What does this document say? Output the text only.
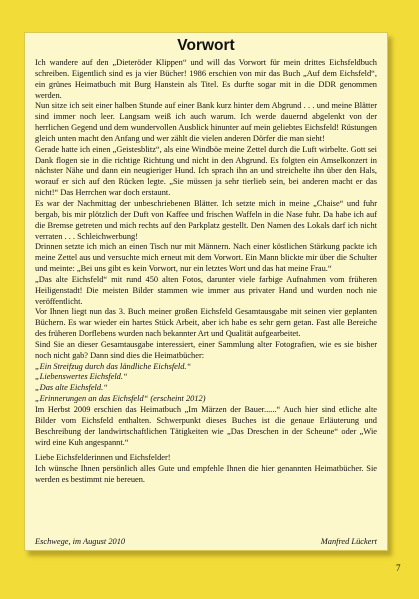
Vorwort

Ich wandere auf den „Dieteröder Klippen“ und will das Vorwort für mein drittes Eichsfeldbuch schreiben. Eigentlich sind es ja vier Bücher! 1986 erschien von mir das Buch „Auf dem Eichsfeld“, ein grünes Heimatbuch mit Burg Hanstein als Titel. Es durfte sogar mit in die DDR genommen werden.

Nun sitze ich seit einer halben Stunde auf einer Bank kurz hinter dem Abgrund . . . und meine Blätter sind immer noch leer. Langsam weiß ich auch warum. Ich werde dauernd abgelenkt von der herrlichen Gegend und dem wundervollen Ausblick hinunter auf mein geliebtes Eichsfeld! Rüstungen gleich unten macht den Anfang und wer zählt die vielen anderen Dörfer die man sieht!

Gerade hatte ich einen „Geistesblitz“, als eine Windböe meine Zettel durch die Luft wirbelte. Gott sei Dank flogen sie in die richtige Richtung und nicht in den Abgrund. Es folgten ein Amselkonzert in nächster Nähe und dann ein neugieriger Hund. Ich sprach ihn an und streichelte ihn über den Hals, worauf er sich auf den Rücken legte. „Sie müssen ja sehr tierlieb sein, bei anderen macht er das nicht!“ Das Herrchen war doch erstaunt.

Es war der Nachmittag der unbeschriebenen Blätter. Ich setzte mich in meine „Chaise“ und fuhr bergab, bis mir plötzlich der Duft von Kaffee und frischen Waffeln in die Nase fuhr. Da habe ich auf die Bremse getreten und mich rechts auf den Parkplatz gestellt. Den Namen des Lokals darf ich nicht verraten . . . Schleichwerbung!

Drinnen setzte ich mich an einen Tisch nur mit Männern. Nach einer köstlichen Stärkung packte ich meine Zettel aus und versuchte mich erneut mit dem Vorwort. Ein Mann blickte mir über die Schulter und meinte: „Bei uns gibt es kein Vorwort, nur ein letztes Wort und das hat meine Frau.“

„Das alte Eichsfeld“ mit rund 450 alten Fotos, darunter viele farbige Aufnahmen vom früheren Heiligenstadt! Die meisten Bilder stammen wie immer aus privater Hand und wurden noch nie veröffentlicht.

Vor Ihnen liegt nun das 3. Buch meiner großen Eichsfeld Gesamtausgabe mit seinen vier geplanten Büchern. Es war wieder ein hartes Stück Arbeit, aber ich habe es sehr gern getan. Fast alle Bereiche des früheren Dorflebens wurden nach bekannter Art und Qualität aufgearbeitet.

Sind Sie an dieser Gesamtausgabe interessiert, einer Sammlung alter Fotografien, wie es sie bisher noch nicht gab? Dann sind dies die Heimatbücher:

„Ein Streifzug durch das ländliche Eichsfeld.“

„Liebenswertes Eichsfeld.“

„Das alte Eichsfeld.“

„Erinnerungen an das Eichsfeld“ (erscheint 2012)

Im Herbst 2009 erschien das Heimatbuch „Im Märzen der Bauer......“ Auch hier sind etliche alte Bilder vom Eichsfeld enthalten. Schwerpunkt dieses Buches ist die genaue Erläuterung und Beschreibung der landwirtschaftlichen Tätigkeiten wie „Das Dreschen in der Scheune“ oder „Wie wird eine Kuh angespannt.“

Liebe Eichsfelderinnen und Eichsfelder!

Ich wünsche Ihnen persönlich alles Gute und empfehle Ihnen die hier genannten Heimatbücher. Sie werden es bestimmt nie bereuen.

Eschwege, im August 2010	Manfred Lückert
7
